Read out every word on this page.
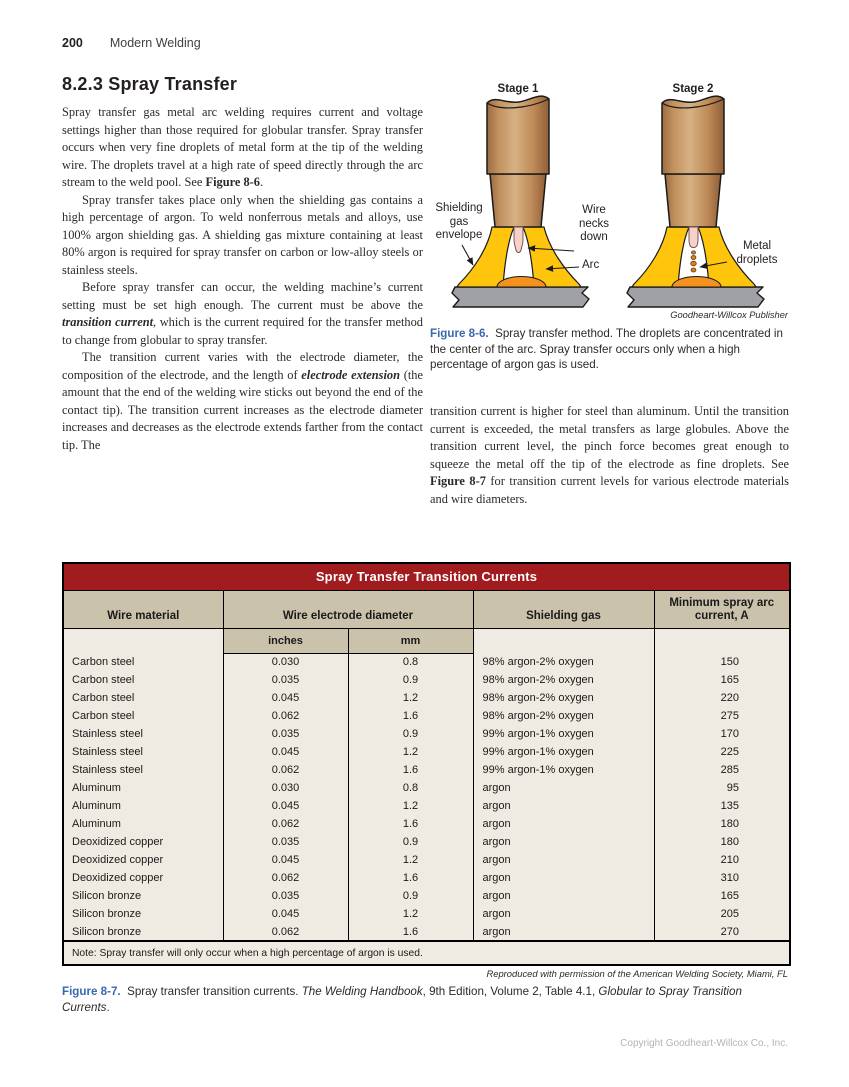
200 Modern Welding
8.2.3 Spray Transfer

Spray transfer gas metal arc welding requires current and voltage settings higher than those required for globular transfer. Spray transfer occurs when very fine droplets of metal form at the tip of the welding wire. The droplets travel at a high rate of speed directly through the arc stream to the weld pool. See Figure 8-6.

Spray transfer takes place only when the shielding gas contains a high percentage of argon. To weld nonferrous metals and alloys, use 100% argon shielding gas. A shielding gas mixture containing at least 80% argon is required for spray transfer on carbon or low-alloy steels or stainless steels.

Before spray transfer can occur, the welding machine’s current setting must be set high enough. The current must be above the transition current, which is the current required for the transfer method to change from globular to spray transfer.

The transition current varies with the electrode diameter, the composition of the electrode, and the length of electrode extension (the amount that the end of the welding wire sticks out beyond the end of the contact tip). The transition current increases as the electrode diameter increases and decreases as the electrode extends farther from the contact tip. The

transition current is higher for steel than aluminum. Until the transition current is exceeded, the metal transfers as large globules. Above the transition current level, the pinch force becomes great enough to squeeze the metal off the tip of the electrode as fine droplets. See Figure 8-7 for transition current levels for various electrode materials and wire diameters.

Stage 1	Stage 2
Shielding gas envelope
Wire necks down
Arc
Metal droplets
Goodheart-Willcox Publisher
Figure 8-6. Spray transfer method. The droplets are concentrated in the center of the arc. Spray transfer occurs only when a high percentage of argon gas is used.
Spray Transfer Transition Currents				
Wire material	Wire electrode diameter		Shielding gas	Minimum spray arc current, A
	inches	mm		
Carbon steel	0.030	0.8	98% argon-2% oxygen	150
Carbon steel	0.035	0.9	98% argon-2% oxygen	165
Carbon steel	0.045	1.2	98% argon-2% oxygen	220
Carbon steel	0.062	1.6	98% argon-2% oxygen	275
Stainless steel	0.035	0.9	99% argon-1% oxygen	170
Stainless steel	0.045	1.2	99% argon-1% oxygen	225
Stainless steel	0.062	1.6	99% argon-1% oxygen	285
Aluminum	0.030	0.8	argon	95
Aluminum	0.045	1.2	argon	135
Aluminum	0.062	1.6	argon	180
Deoxidized copper	0.035	0.9	argon	180
Deoxidized copper	0.045	1.2	argon	210
Deoxidized copper	0.062	1.6	argon	310
Silicon bronze	0.035	0.9	argon	165
Silicon bronze	0.045	1.2	argon	205
Silicon bronze	0.062	1.6	argon	270
Note: Spray transfer will only occur when a high percentage of argon is used.				
Reproduced with permission of the American Welding Society, Miami, FL
Figure 8-7. Spray transfer transition currents. The Welding Handbook, 9th Edition, Volume 2, Table 4.1, Globular to Spray Transition Currents.
Copyright Goodheart-Willcox Co., Inc.
